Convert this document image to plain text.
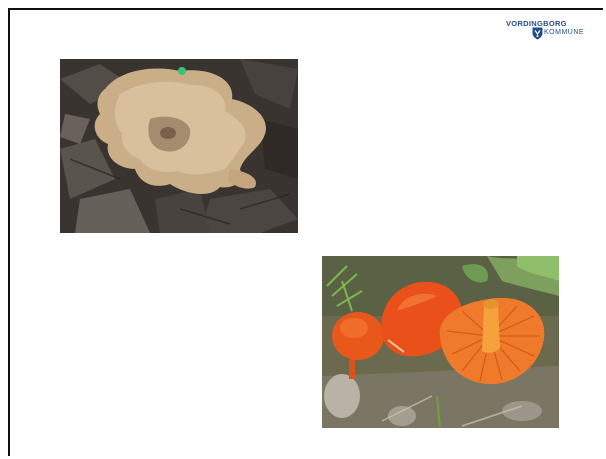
VORDINGBORG
KOMMUNE
